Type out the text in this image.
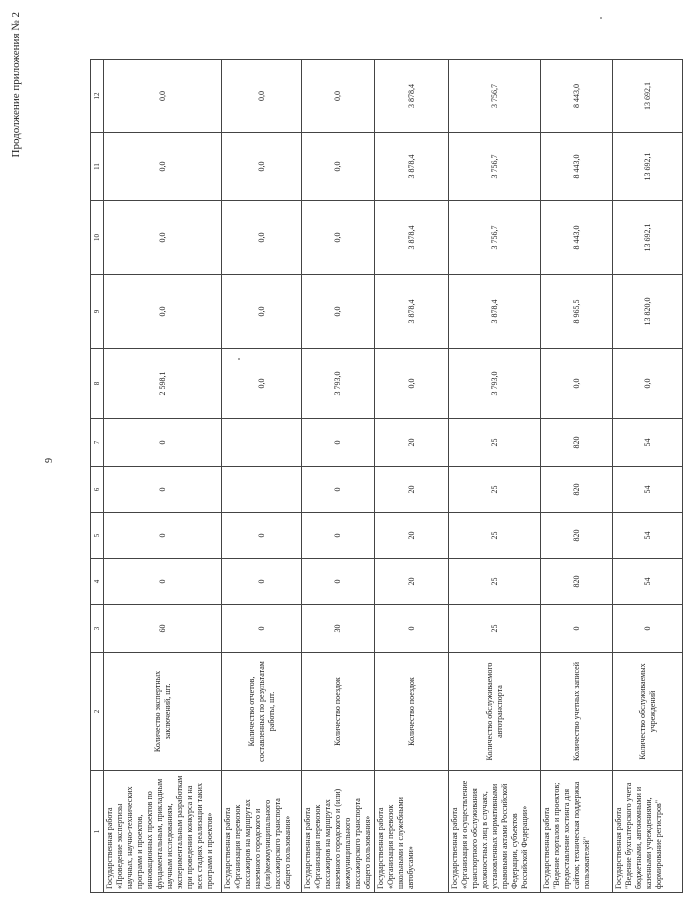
9
Продолжение приложения № 2
1	2	3	4	5	6	7	8	9	10	11	12
Государственная работа «Проведение экспертизы научных, научно-технических программ и проектов, инновационных проектов по фундаментальным, прикладным научным исследованиям, экспериментальным разработкам при проведении конкурса и на всех стадиях реализации таких программ и проектов»	Количество экспертных заключений, шт.	60	0	0	0	0	2 598,1	0,0	0,0	0,0	0,0
Государственная работа «Организация перевозок пассажиров на маршрутах наземного городского и (или)межмуниципального пассажирского транспорта общего пользования»	Количество отчетов, составленных по результатам работы, шт.	0	0	0			0,0	0,0	0,0	0,0	0,0
Государственная работа «Организация перевозок пассажиров на маршрутах наземного городского и (или) межмуниципального пассажирского транспорта общего пользования»	Количество поездок	30	0	0	0	0	3 793,0	0,0	0,0	0,0	0,0
Государственная работа «Организация перевозок школьными и служебными автобусами»	Количество поездок	0	20	20	20	20	0,0	3 878,4	3 878,4	3 878,4	3 878,4
Государственная работа «Организация и осуществление транспортного обслуживания должностных лиц в случаях, установленных нормативными правовыми актами Российской Федерации, субъектов Российской Федерации»	Количество обслуживаемого автотранспорта	25	25	25	25	25	3 793,0	3 878,4	3 756,7	3 756,7	3 756,7
Государственная работа "Ведение порталов и проектов; предоставление хостинга для сайтов; техническая поддержка пользователей"	Количество учетных записей	0	820	820	820	820	0,0	8 965,5	8 443,0	8 443,0	8 443,0
Государственная работа "Ведение бухгалтерского учета бюджетными, автономными и казенными учреждениями, формирование регистров"	Количество обслуживаемых учреждений	0	54	54	54	54	0,0	13 820,0	13 692,1	13 692,1	13 692,1
